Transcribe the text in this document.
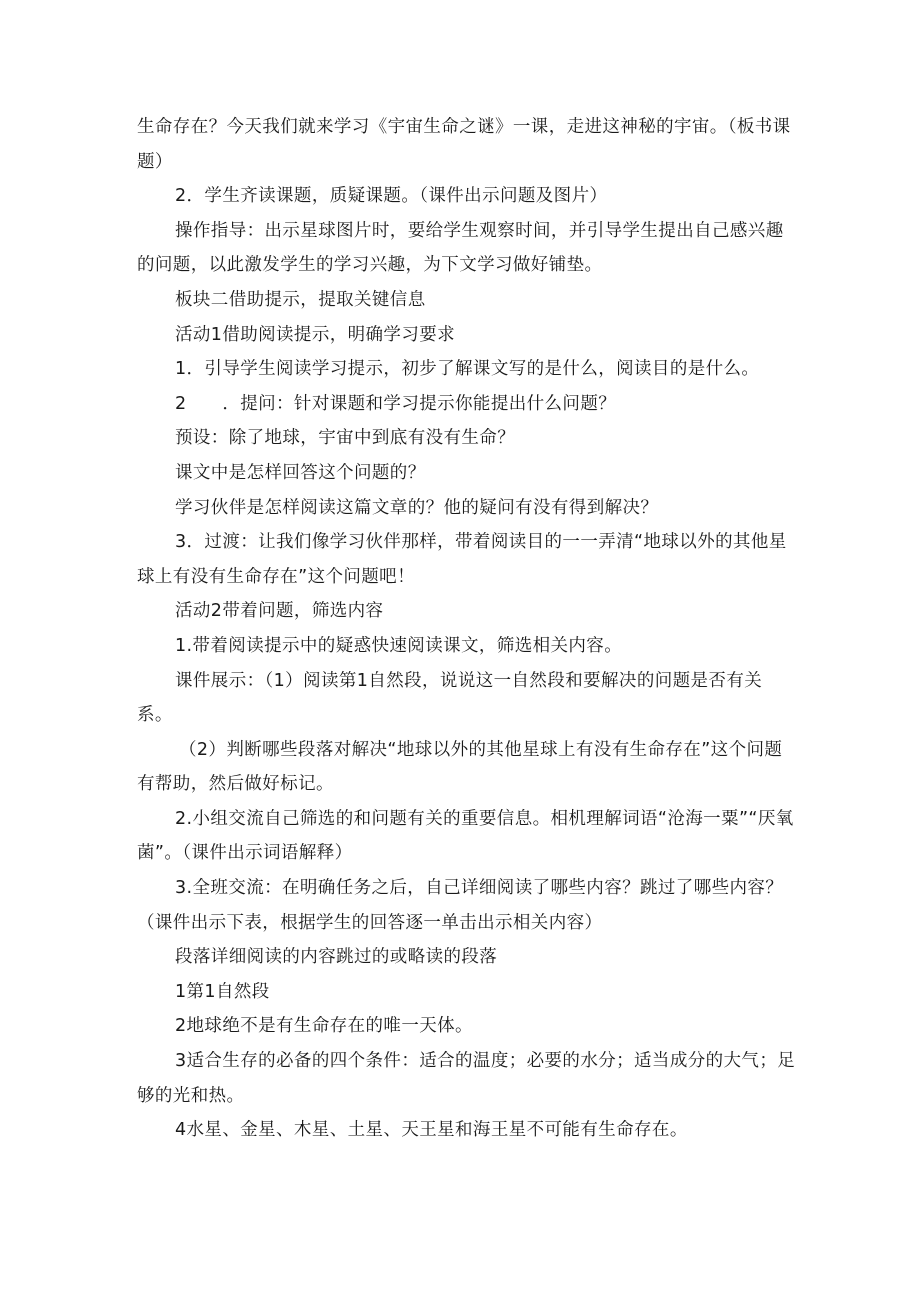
生命存在？今天我们就来学习《宇宙生命之谜》一课，走进这神秘的宇宙。（板书课题）

2．学生齐读课题，质疑课题。（课件出示问题及图片）

操作指导：出示星球图片时，要给学生观察时间，并引导学生提出自己感兴趣的问题，以此激发学生的学习兴趣，为下文学习做好铺垫。

板块二借助提示，提取关键信息

活动1借助阅读提示，明确学习要求

1．引导学生阅读学习提示，初步了解课文写的是什么，阅读目的是什么。

2　　．提问：针对课题和学习提示你能提出什么问题？

预设：除了地球，宇宙中到底有没有生命？

课文中是怎样回答这个问题的？

学习伙伴是怎样阅读这篇文章的？他的疑问有没有得到解决？

3．过渡：让我们像学习伙伴那样，带着阅读目的一一弄清“地球以外的其他星球上有没有生命存在”这个问题吧！

活动2带着问题，筛选内容

1.带着阅读提示中的疑惑快速阅读课文，筛选相关内容。

课件展示：（1）阅读第1自然段，说说这一自然段和要解决的问题是否有关系。

（2）判断哪些段落对解决“地球以外的其他星球上有没有生命存在”这个问题有帮助，然后做好标记。

2.小组交流自己筛选的和问题有关的重要信息。相机理解词语“沧海一粟”“厌氧菌”。（课件出示词语解释）

3.全班交流：在明确任务之后，自己详细阅读了哪些内容？跳过了哪些内容？（课件出示下表，根据学生的回答逐一单击出示相关内容）

段落详细阅读的内容跳过的或略读的段落

1第1自然段

2地球绝不是有生命存在的唯一天体。

3适合生存的必备的四个条件：适合的温度；必要的水分；适当成分的大气；足够的光和热。

4水星、金星、木星、土星、天王星和海王星不可能有生命存在。
